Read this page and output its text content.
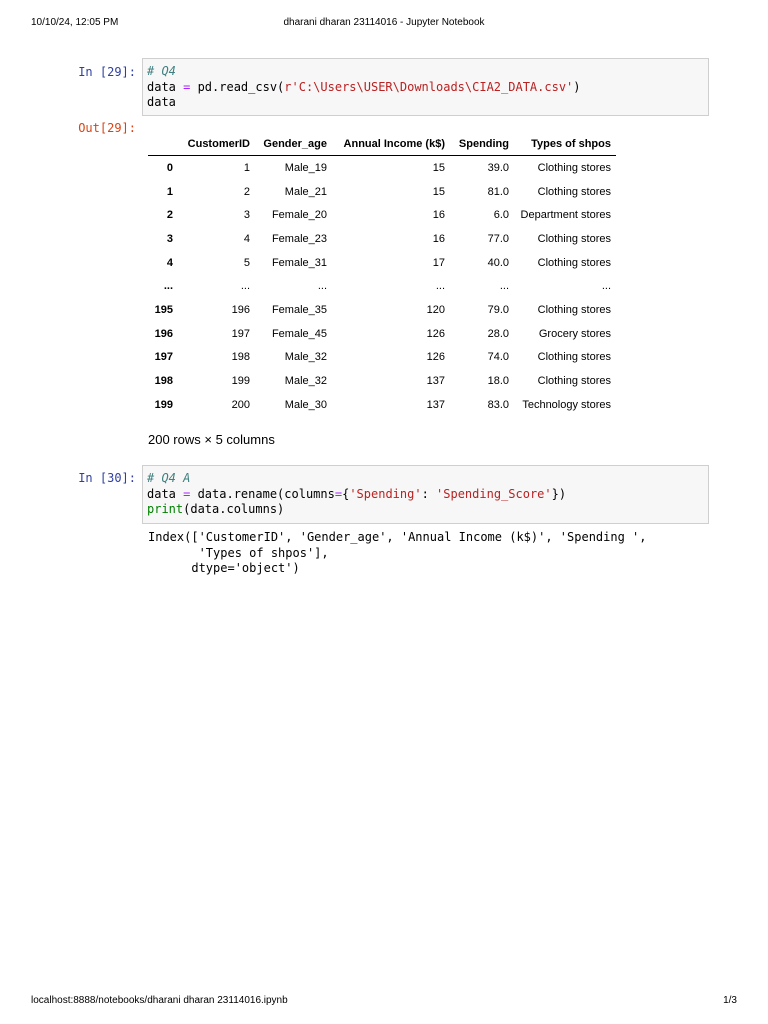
10/10/24, 12:05 PM	dharani dharan 23114016 - Jupyter Notebook
In [29]: # Q4
data = pd.read_csv(r'C:\Users\USER\Downloads\CIA2_DATA.csv')
data
Out[29]:
	CustomerID	Gender_age	Annual Income (k$)	Spending	Types of shpos
0	1	Male_19	15	39.0	Clothing stores
1	2	Male_21	15	81.0	Clothing stores
2	3	Female_20	16	6.0	Department stores
3	4	Female_23	16	77.0	Clothing stores
4	5	Female_31	17	40.0	Clothing stores
...	...	...	...	...	...
195	196	Female_35	120	79.0	Clothing stores
196	197	Female_45	126	28.0	Grocery stores
197	198	Male_32	126	74.0	Clothing stores
198	199	Male_32	137	18.0	Clothing stores
199	200	Male_30	137	83.0	Technology stores
200 rows × 5 columns
In [30]: # Q4 A
data = data.rename(columns={'Spending': 'Spending_Score'})
print(data.columns)
Index(['CustomerID', 'Gender_age', 'Annual Income (k$)', 'Spending ',
'Types of shpos'],
dtype='object')
localhost:8888/notebooks/dharani dharan 23114016.ipynb	1/3
